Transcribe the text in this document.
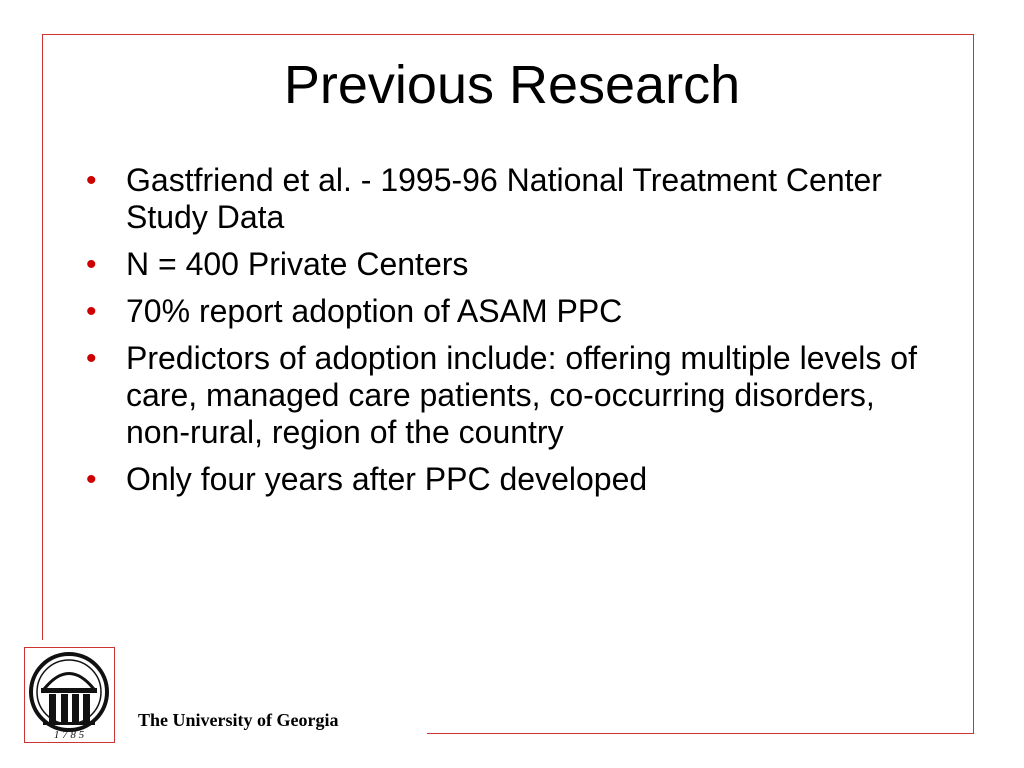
Previous Research
• Gastfriend et al. - 1995-96 National Treatment Center Study Data
• N = 400 Private Centers
• 70% report adoption of ASAM PPC
• Predictors of adoption include: offering multiple levels of care, managed care patients, co-occurring disorders, non-rural, region of the country
• Only four years after PPC developed
1 7 8 5
The University of Georgia
